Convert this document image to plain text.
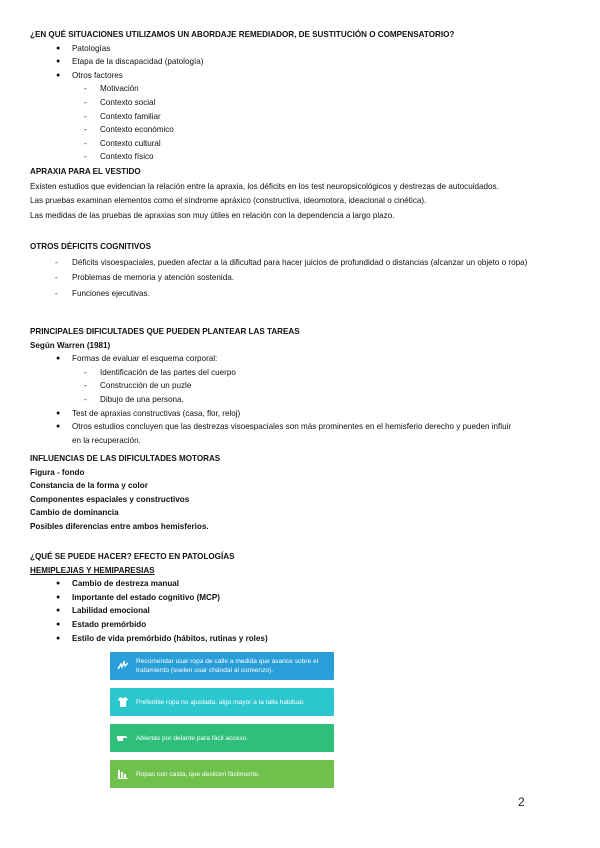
¿EN QUÉ SITUACIONES UTILIZAMOS UN ABORDAJE REMEDIADOR, DE SUSTITUCIÓN O COMPENSATORIO?
● Patologías
● Etapa de la discapacidad (patología)
● Otros factores
- Motivación
- Contexto social
- Contexto familiar
- Contexto económico
- Contexto cultural
- Contexto físico
APRAXIA PARA EL VESTIDO
Existen estudios que evidencian la relación entre la apraxia, los déficits en los test neuropsicológicos y destrezas de autocuidados.
Las pruebas examinan elementos como el síndrome apráxico (constructiva, ideomotora, ideacional o cinética).
Las medidas de las pruebas de apraxias son muy útiles en relación con la dependencia a largo plazo.
OTROS DÉFICITS COGNITIVOS
- Déficits visoespaciales, pueden afectar a la dificultad para hacer juicios de profundidad o distancias (alcanzar un objeto o ropa)
- Problemas de memoria y atención sostenida.
- Funciones ejecutivas.
PRINCIPALES DIFICULTADES QUE PUEDEN PLANTEAR LAS TAREAS
Según Warren (1981)
● Formas de evaluar el esquema corporal:
- Identificación de las partes del cuerpo
- Construcción de un puzle
- Dibujo de una persona.
● Test de apraxias constructivas (casa, flor, reloj)
● Otros estudios concluyen que las destrezas visoespaciales son más prominentes en el hemisferio derecho y pueden influir
en la recuperación.
INFLUENCIAS DE LAS DIFICULTADES MOTORAS
Figura - fondo
Constancia de la forma y color
Componentes espaciales y constructivos
Cambio de dominancia
Posibles diferencias entre ambos hemisferios.
¿QUÉ SE PUEDE HACER? EFECTO EN PATOLOGÍAS
HEMIPLEJIAS Y HEMIPARESIAS
● Cambio de destreza manual
● Importante del estado cognitivo (MCP)
● Labilidad emocional
● Estado premórbido
● Estilo de vida premórbido (hábitos, rutinas y roles)
Recomendar usar ropa de calle a medida que avance sobre el tratamiento (suelen usar chándal al comienzo).
Preferible ropa no ajustada, algo mayor a la talla habitual.
Abiertas por delante para fácil acceso.
Ropas con caída, que deslicen fácilmente.
2
